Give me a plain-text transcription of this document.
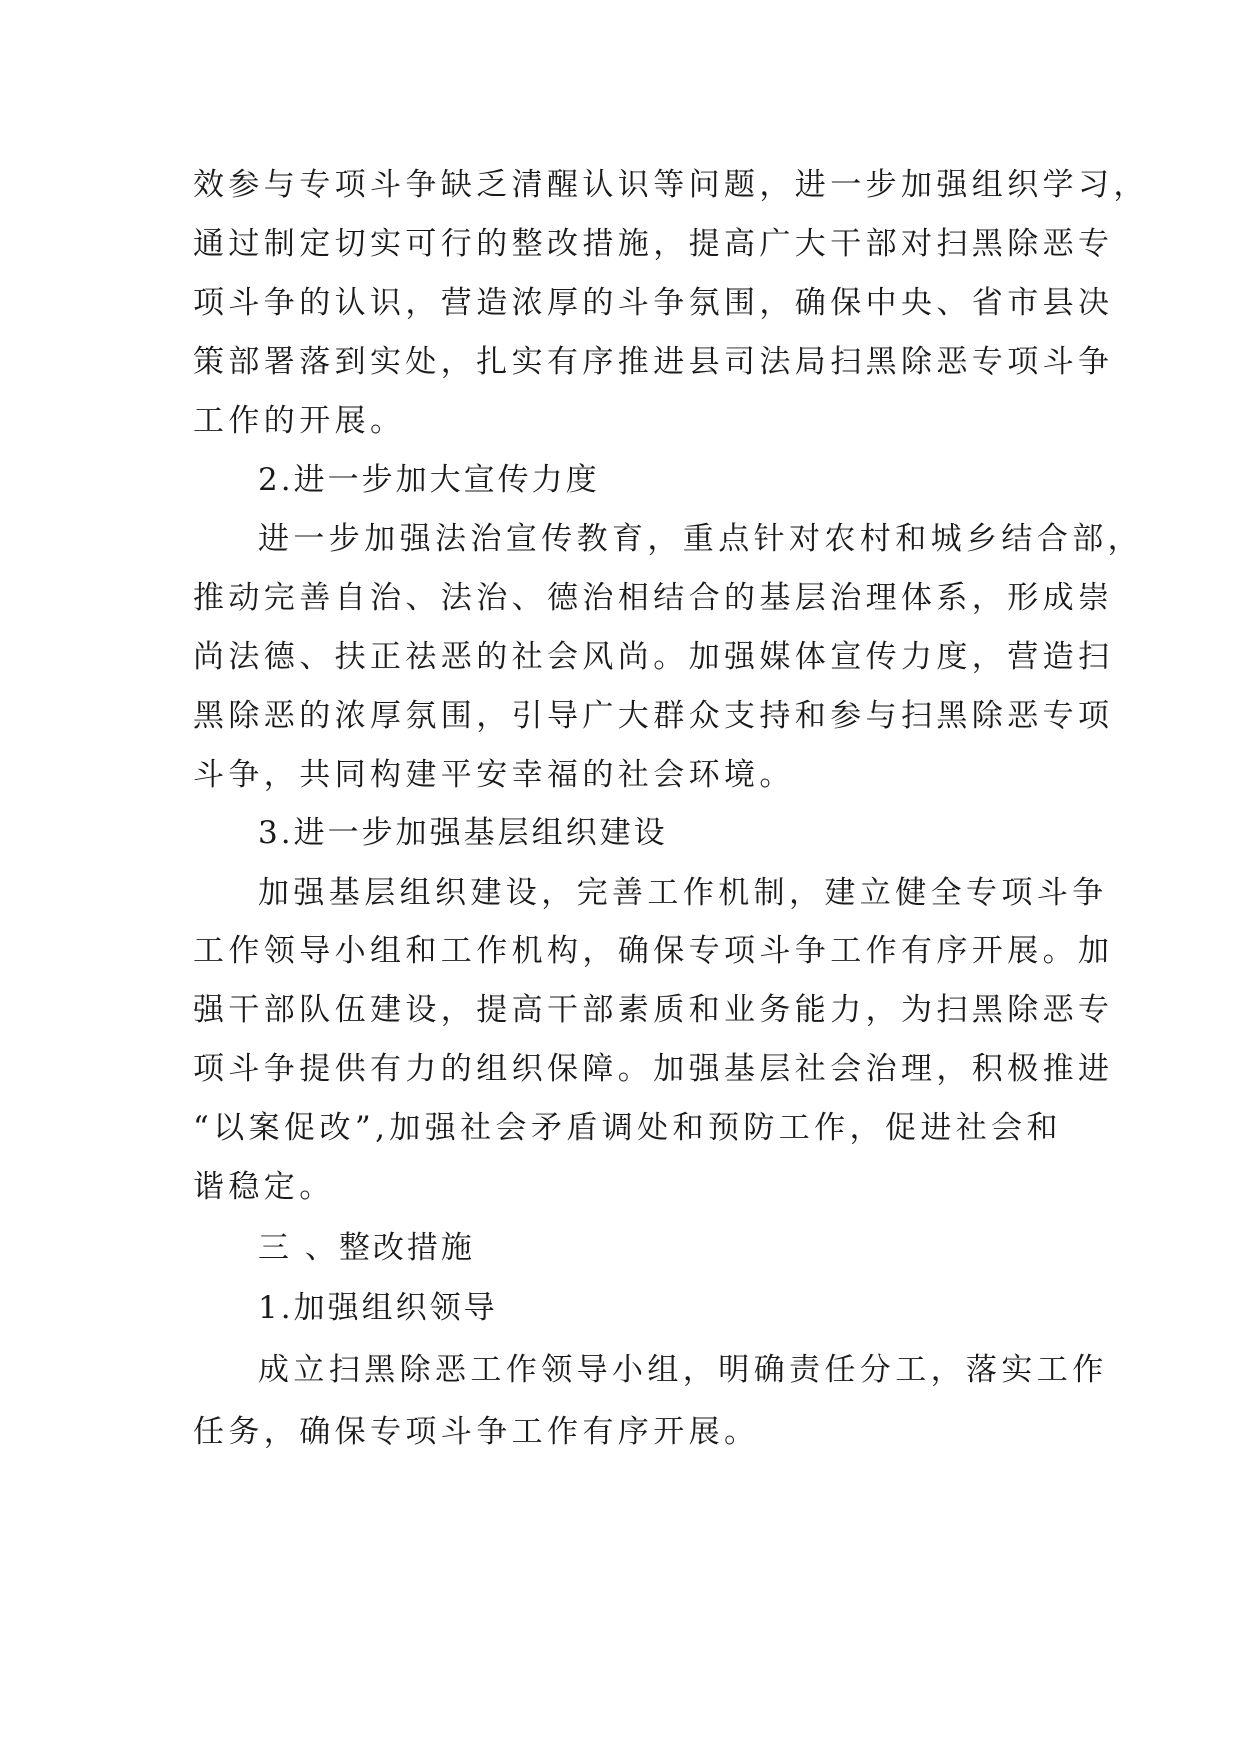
效参与专项斗争缺乏清醒认识等问题，进一步加强组织学习，
通过制定切实可行的整改措施，提高广大干部对扫黑除恶专
项斗争的认识，营造浓厚的斗争氛围，确保中央、省市县决
策部署落到实处，扎实有序推进县司法局扫黑除恶专项斗争
工作的开展。
2.进一步加大宣传力度
进一步加强法治宣传教育，重点针对农村和城乡结合部，
推动完善自治、法治、德治相结合的基层治理体系，形成崇
尚法德、扶正祛恶的社会风尚。加强媒体宣传力度，营造扫
黑除恶的浓厚氛围，引导广大群众支持和参与扫黑除恶专项
斗争，共同构建平安幸福的社会环境。
3.进一步加强基层组织建设
加强基层组织建设，完善工作机制，建立健全专项斗争
工作领导小组和工作机构，确保专项斗争工作有序开展。加
强干部队伍建设，提高干部素质和业务能力，为扫黑除恶专
项斗争提供有力的组织保障。加强基层社会治理，积极推进
“以案促改”,加强社会矛盾调处和预防工作，促进社会和
谐稳定。
三 、整改措施
1.加强组织领导
成立扫黑除恶工作领导小组，明确责任分工，落实工作
任务，确保专项斗争工作有序开展。
